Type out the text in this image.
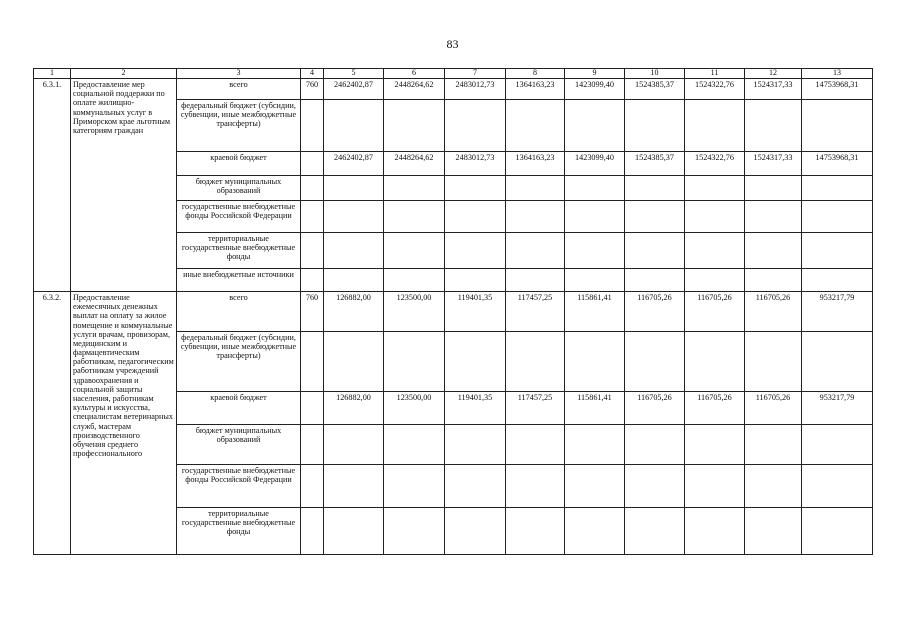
83
1	2	3	4	5	6	7	8	9	10	11	12	13
6.3.1.	Предоставление мер социальной поддержки по оплате жилищно-коммунальных услуг в Приморском крае льготным категориям граждан	всего	760	2462402,87	2448264,62	2483012,73	1364163,23	1423099,40	1524385,37	1524322,76	1524317,33	14753968,31
		федеральный бюджет (субсидии, субвенции, иные межбюджетные трансферты)										
		краевой бюджет		2462402,87	2448264,62	2483012,73	1364163,23	1423099,40	1524385,37	1524322,76	1524317,33	14753968,31
		бюджет муниципальных образований										
		государственные внебюджетные фонды Российской Федерации										
		территориальные государственные внебюджетные фонды										
		иные внебюджетные источники										
6.3.2.	Предоставление ежемесячных денежных выплат на оплату за жилое помещение и коммунальные услуги врачам, провизорам, медицинским и фармацевтическим работникам, педагогическим работникам учреждений здравоохранения и социальной защиты населения, работникам культуры и искусства, специалистам ветеринарных служб, мастерам производственного обучения среднего профессионального	всего	760	126882,00	123500,00	119401,35	117457,25	115861,41	116705,26	116705,26	116705,26	953217,79
		федеральный бюджет (субсидии, субвенции, иные межбюджетные трансферты)										
		краевой бюджет		126882,00	123500,00	119401,35	117457,25	115861,41	116705,26	116705,26	116705,26	953217,79
		бюджет муниципальных образований										
		государственные внебюджетные фонды Российской Федерации										
		территориальные государственные внебюджетные фонды										
